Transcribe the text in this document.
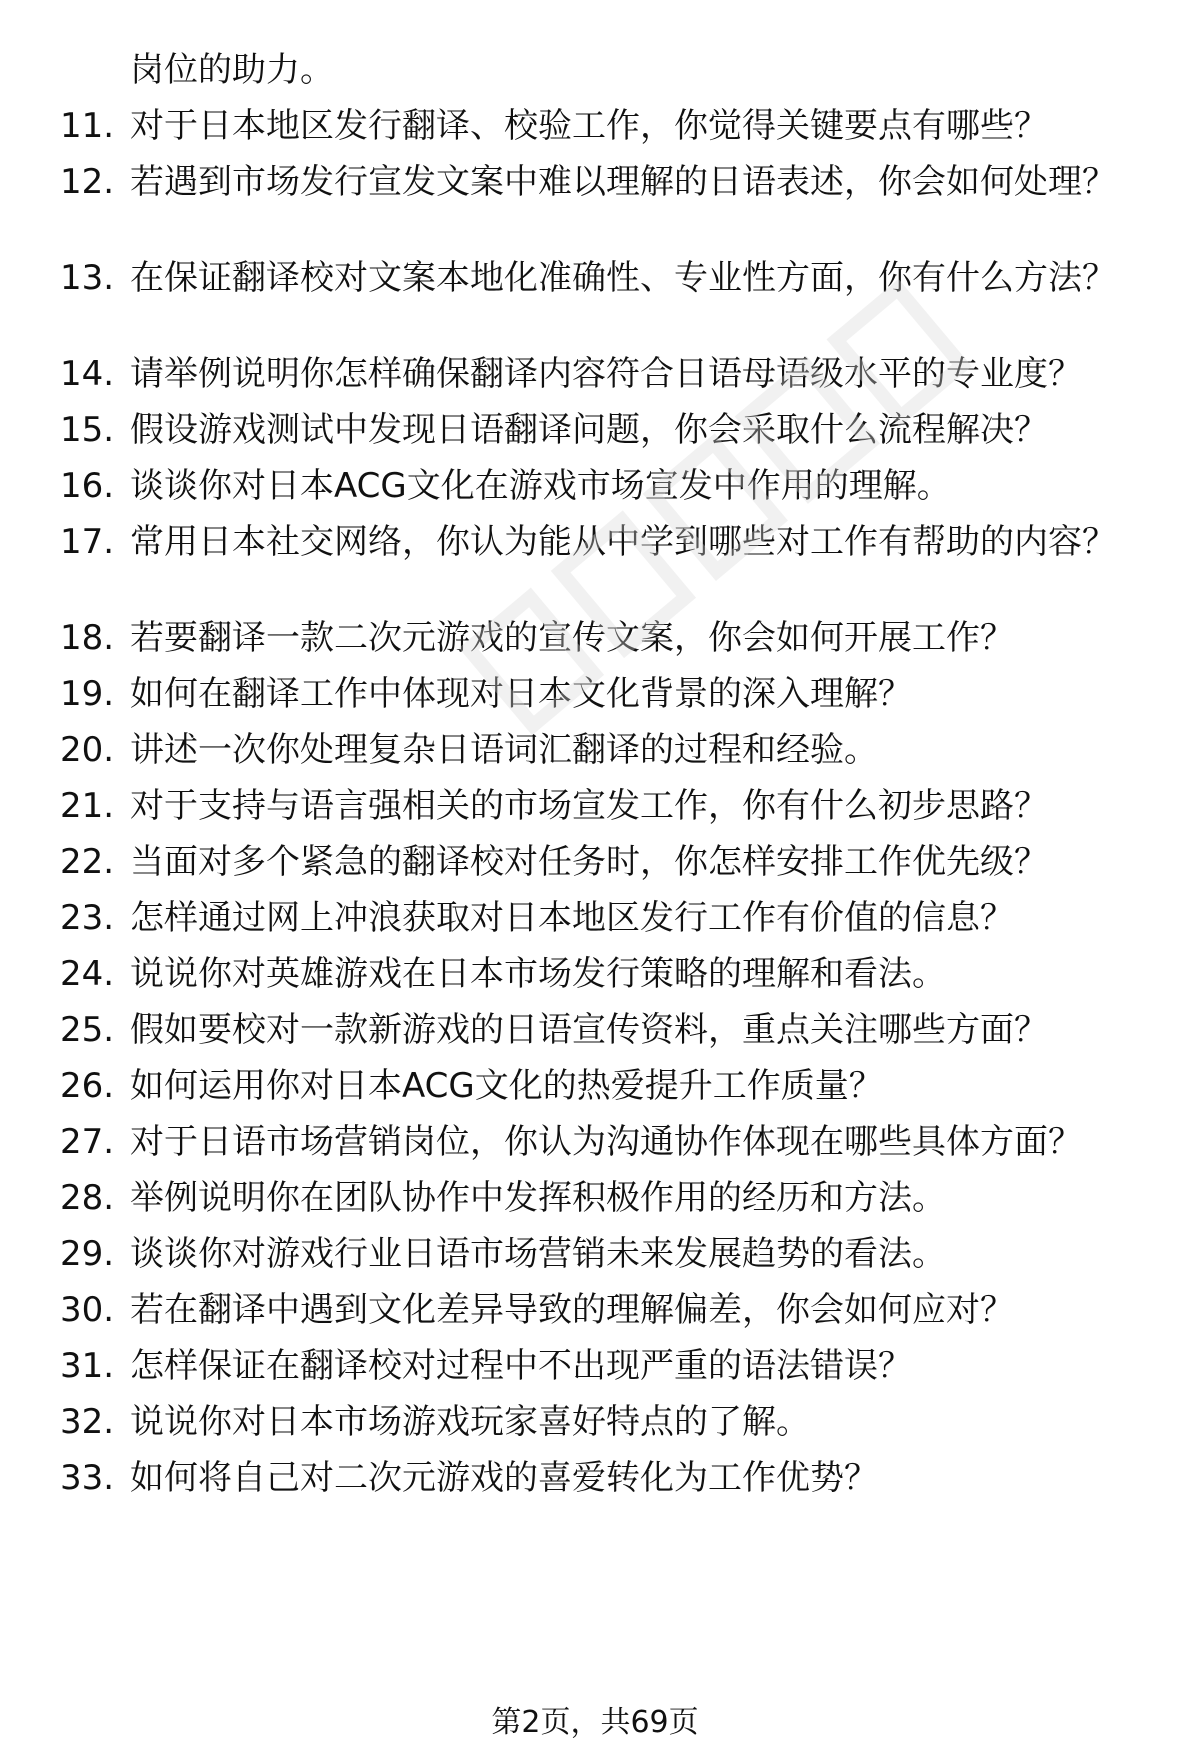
岗位的助力。
11. 对于日本地区发行翻译、校验工作，你觉得关键要点有哪些？
12. 若遇到市场发行宣发文案中难以理解的日语表述，你会如何处理？
13. 在保证翻译校对文案本地化准确性、专业性方面，你有什么方法？
14. 请举例说明你怎样确保翻译内容符合日语母语级水平的专业度？
15. 假设游戏测试中发现日语翻译问题，你会采取什么流程解决？
16. 谈谈你对日本ACG文化在游戏市场宣发中作用的理解。
17. 常用日本社交网络，你认为能从中学到哪些对工作有帮助的内容？
18. 若要翻译一款二次元游戏的宣传文案，你会如何开展工作？
19. 如何在翻译工作中体现对日本文化背景的深入理解？
20. 讲述一次你处理复杂日语词汇翻译的过程和经验。
21. 对于支持与语言强相关的市场宣发工作，你有什么初步思路？
22. 当面对多个紧急的翻译校对任务时，你怎样安排工作优先级？
23. 怎样通过网上冲浪获取对日本地区发行工作有价值的信息？
24. 说说你对英雄游戏在日本市场发行策略的理解和看法。
25. 假如要校对一款新游戏的日语宣传资料，重点关注哪些方面？
26. 如何运用你对日本ACG文化的热爱提升工作质量？
27. 对于日语市场营销岗位，你认为沟通协作体现在哪些具体方面？
28. 举例说明你在团队协作中发挥积极作用的经历和方法。
29. 谈谈你对游戏行业日语市场营销未来发展趋势的看法。
30. 若在翻译中遇到文化差异导致的理解偏差，你会如何应对？
31. 怎样保证在翻译校对过程中不出现严重的语法错误？
32. 说说你对日本市场游戏玩家喜好特点的了解。
33. 如何将自己对二次元游戏的喜爱转化为工作优势？
第2页，共69页
